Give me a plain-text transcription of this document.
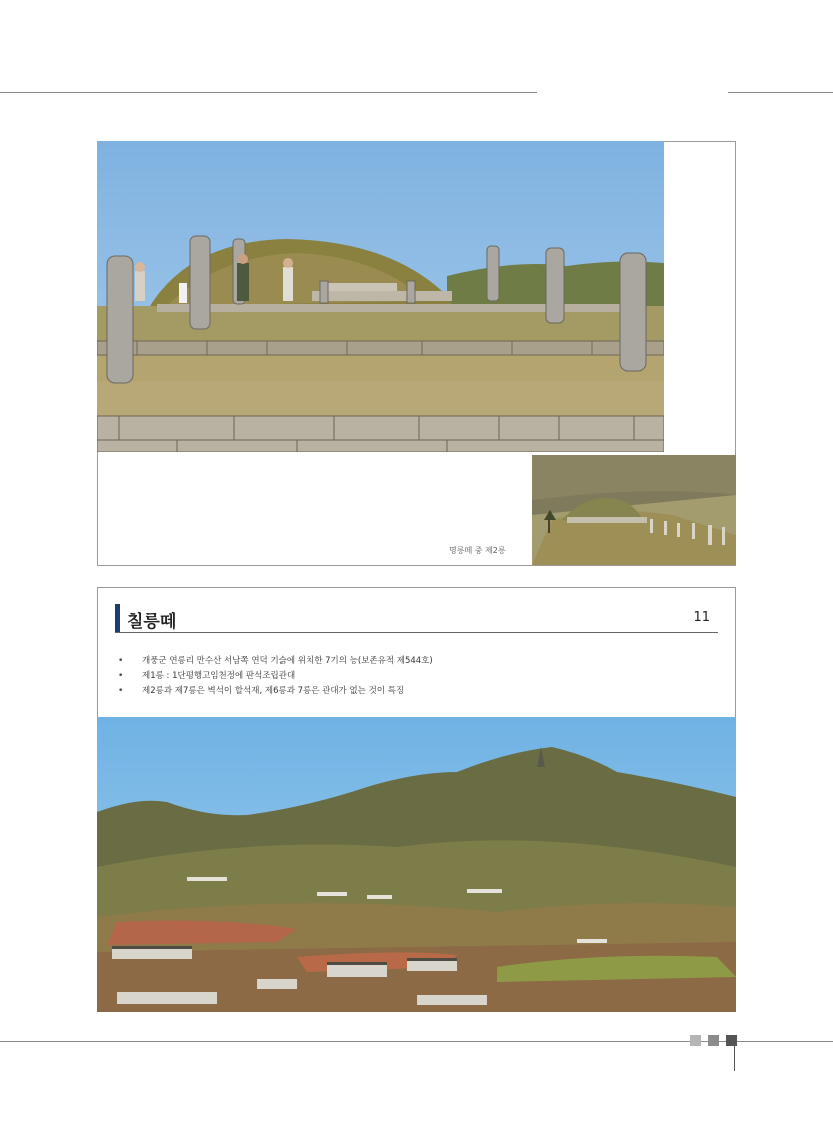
명릉떼 중 제2릉
칠릉떼	11
• 개풍군 연릉리 만수산 서남쪽 연덕 기슭에 위치한 7기의 능(보존유적 제544호)
• 제1릉 : 1단평행고임천정에 판석조립관대
• 제2릉과 제7릉은 벽석이 할석재, 제6릉과 7릉은 관대가 없는 것이 특징
